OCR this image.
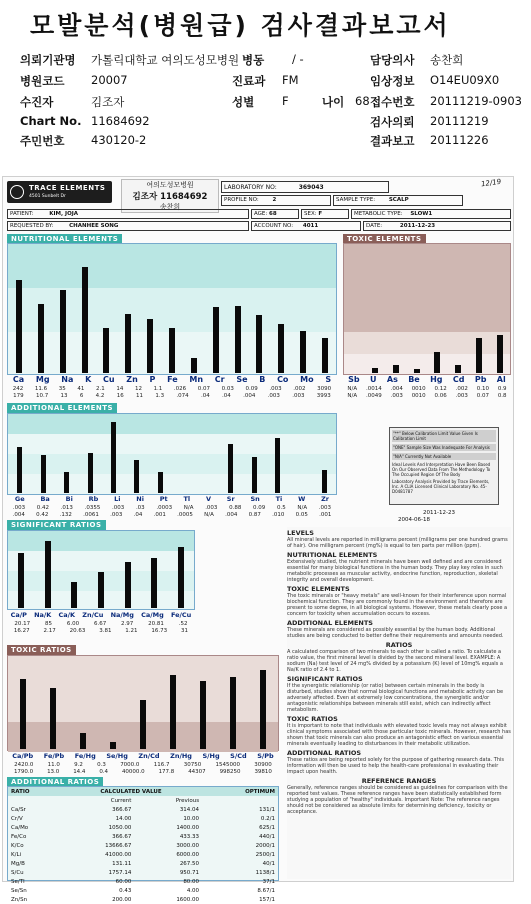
모발분석(병원급) 검사결과보고서
의뢰기관명 가톨릭대학교 여의도성모병원 병동 / -	담당의사 송찬희
병원코드 20007	진료과 FM	임상정보 O14EU09X0
수진자	김조자	성별 F	나이 68 접수번호 20111219-0903
Chart No. 11684692	검사의뢰 20111219
주민번호 430120-2	결과보고 20111226
TRACE ELEMENTS
4501 Sunbelt Dr
여의도성모병원
김조자 11684692
송찬희
LABORATORY NO:	369043
PROFILE NO:	2	SAMPLE TYPE:	SCALP
12/19
PATIENT:	KIM, JOJA	AGE: 68	SEX: F	METABOLIC TYPE: SLOW1
REQUESTED BY:	CHANHEE SONG	ACCOUNT NO: 4011	DATE:	2011-12-23
NUTRITIONAL ELEMENTS
Ca Mg Na K Cu Zn P Fe Mn Cr Se B Co Mo S
242 11.6 35 41 2.1 14 12 1.1 .026 0.07 0.03 0.09 .003 .002 3090
179 10.7 13 6 4.2 16 11 1.3 .074 .04 .04 .004 .003 .003 3993
TOXIC ELEMENTS
Sb U As Be Hg Cd Pb Al
N/A .0014 .004 0010 0.12 .002 0.10 0.9
N/A .0049 .003 0010 0.06 .003 0.07 0.8
ADDITIONAL ELEMENTS
Ge Ba Bi Rb Li Ni Pt Tl V Sr Sn Ti W Zr
.003 0.42 .013 .0355 .003 .03 .0003 N/A .003 0.88 0.09 0.5 N/A .003
.004 0.42 .132 .0061 .003 .04 .001 .0005 N/A .004 0.87 .010 0.05 .001
"**" Below Calibration Limit Value Given Is Calibration Limit
"ONE" Sample Size Was Inadequate For Analysis
"N/A" Currently Not Available
Ideal Levels And Interpretation Have Been Based On Our Observed Data From The Methodology To The Occupied Region Of The Body
Laboratory Analysis Provided by Trace Elements, Inc. A CLIA Licensed Clinical Laboratory No. 45-D0481787
2011-12-23
2004-06-18
SIGNIFICANT RATIOS
Ca/P Na/K Ca/K Zn/Cu Na/Mg Ca/Mg Fe/Cu
20.17	85	6.00	6.67	2.97	20.81	.52
16.27	2.17	20.63	3.81	1.21	16.73	31
TOXIC RATIOS
Ca/Pb Fe/Pb Fe/Hg Se/Hg Zn/Cd Zn/Hg S/Hg S/Cd S/Pb
2420.0	11.0	9.2	0.3	7000.0	116.7	30750	1545000	30900
1790.0	13.0	14.4	0.4	40000.0	177.8	44307	998250	39810
ADDITIONAL RATIOS
RATIO	CALCULATED VALUE		OPTIMUM
	Current	Previous	
Ca/Sr	366.67	314.04	131/1
Cr/V	14.00	10.00	0.2/1
Ca/Mo	1050.00	1400.00	625/1
Fe/Co	366.67	433.33	440/1
K/Co	13666.67	3000.00	2000/1
K/Li	41000.00	6000.00	2500/1
Mg/B	131.11	267.50	40/1
S/Cu	1757.14	950.71	1138/1
Se/Tl	60.00	80.00	37/1
Se/Sn	0.43	4.00	8.67/1
Zn/Sn	200.00	1600.00	157/1
LEVELS

All mineral levels are reported in milligrams percent (milligrams per one hundred grams of hair). One milligram percent (mg%) is equal to ten parts per million (ppm).

NUTRITIONAL ELEMENTS

Extensively studied, the nutrient minerals have been well defined and are considered essential for many biological functions in the human body. They play key roles in such metabolic processes as muscular activity, endocrine function, reproduction, skeletal integrity and overall development.

TOXIC ELEMENTS

The toxic minerals or "heavy metals" are well-known for their interference upon normal biochemical function. They are commonly found in the environment and therefore are present to some degree, in all biological systems. However, these metals clearly pose a concern for toxicity when accumulation occurs to excess.

ADDITIONAL ELEMENTS

These minerals are considered as possibly essential by the human body. Additional studies are being conducted to better define their requirements and amounts needed.

RATIOS

A calculated comparison of two minerals to each other is called a ratio. To calculate a ratio value, the first mineral level is divided by the second mineral level. EXAMPLE: A sodium (Na) test level of 24 mg% divided by a potassium (K) level of 10mg% equals a Na/K ratio of 2.4 to 1.

SIGNIFICANT RATIOS

If the synergistic relationship (or ratio) between certain minerals in the body is disturbed, studies show that normal biological functions and metabolic activity can be adversely affected. Even at extremely low concentrations, the synergistic and/or antagonistic relationships between minerals still exist, which can indirectly affect metabolism.

TOXIC RATIOS

It is important to note that individuals with elevated toxic levels may not always exhibit clinical symptoms associated with those particular toxic minerals. However, research has shown that toxic minerals can also produce an antagonistic effect on various essential minerals eventually leading to disturbances in their metabolic utilization.

ADDITIONAL RATIOS

These ratios are being reported solely for the purpose of gathering research data. This information will then be used to help the health-care professional in evaluating their impact upon health.

REFERENCE RANGES

Generally, reference ranges should be considered as guidelines for comparison with the reported test values. These reference ranges have been statistically established form studying a population of "healthy" individuals. Important Note: The reference ranges should not be considered as absolute limits for determining deficiency, toxicity or acceptance.
